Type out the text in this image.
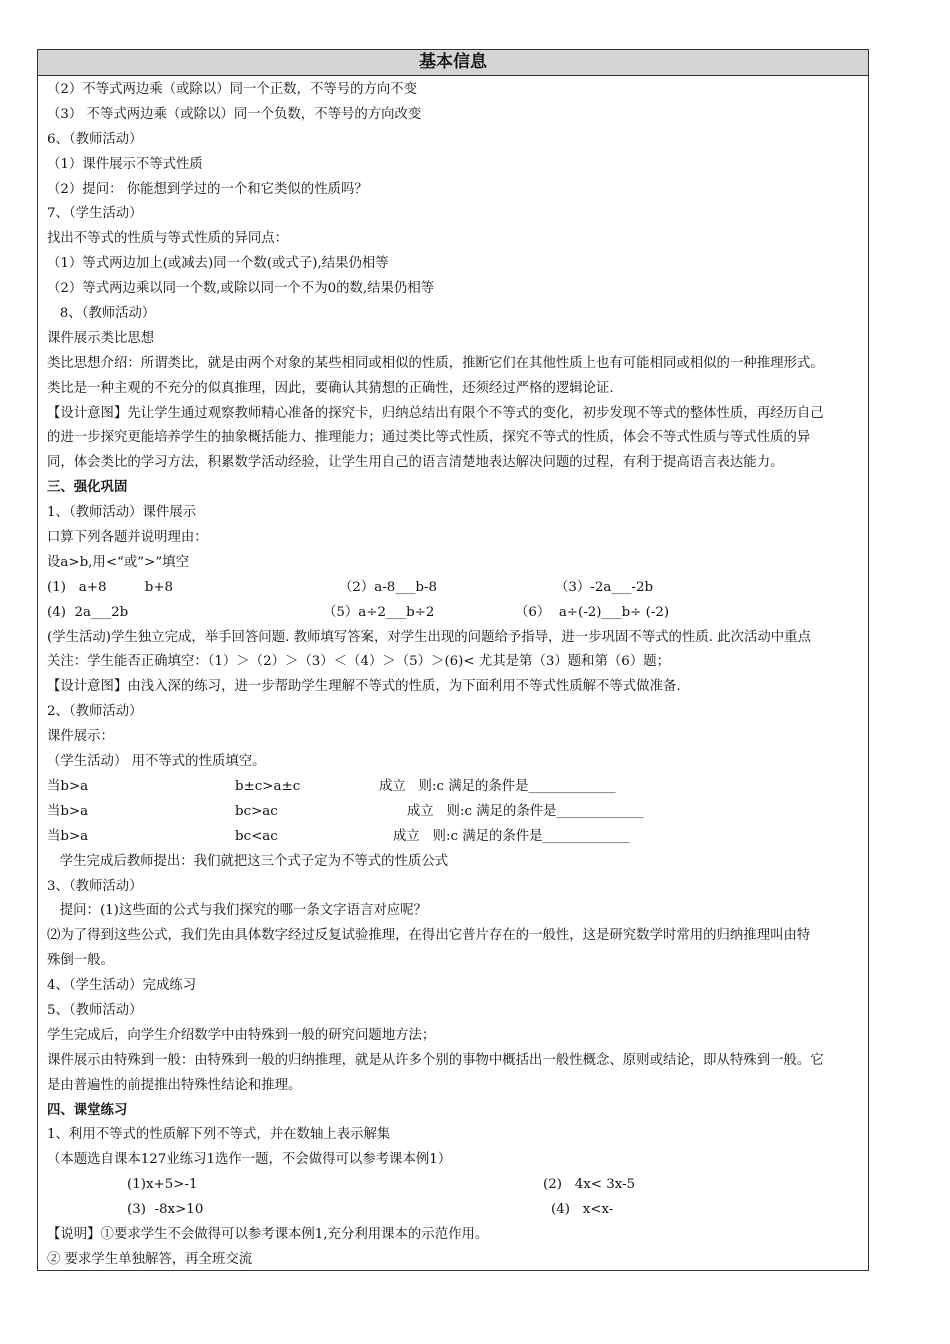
基本信息
（2）不等式两边乘（或除以）同一个正数，不等号的方向不变
（3） 不等式两边乘（或除以）同一个负数，不等号的方向改变
6、（教师活动）
（1）课件展示不等式性质
（2）提问： 你能想到学过的一个和它类似的性质吗？
7、（学生活动）
找出不等式的性质与等式性质的异同点：
（1）等式两边加上(或减去)同一个数(或式子),结果仍相等
（2）等式两边乘以同一个数,或除以同一个不为0的数,结果仍相等
8、（教师活动）
课件展示类比思想
类比思想介绍：所谓类比，就是由两个对象的某些相同或相似的性质，推断它们在其他性质上也有可能相同或相似的一种推理形式。
类比是一种主观的不充分的似真推理，因此，要确认其猜想的正确性，还须经过严格的逻辑论证.
【设计意图】先让学生通过观察教师精心准备的探究卡，归纳总结出有限个不等式的变化，初步发现不等式的整体性质，再经历自己
的进一步探究更能培养学生的抽象概括能力、推理能力；通过类比等式性质，探究不等式的性质，体会不等式性质与等式性质的异
同，体会类比的学习方法，积累数学活动经验，让学生用自己的语言清楚地表达解决问题的过程，有利于提高语言表达能力。
三、强化巩固
1、（教师活动）课件展示
口算下列各题并说明理由：
设a>b,用<“或”>”填空
(1)   a+8         b+8	（2）a-8___b-8	（3）-2a___-2b
(4)  2a___2b	（5）a÷2___b÷2	（6）  a÷(-2)___b÷ (-2)
(学生活动)学生独立完成，举手回答问题. 教师填写答案，对学生出现的问题给予指导，进一步巩固不等式的性质. 此次活动中重点
关注：学生能否正确填空：（1）＞（2）＞（3）＜（4）＞（5）＞(6)< 尤其是第（3）题和第（6）题；
【设计意图】由浅入深的练习，进一步帮助学生理解不等式的性质，为下面利用不等式性质解不等式做准备.
2、（教师活动）
课件展示：
（学生活动） 用不等式的性质填空。
当b>a	b±c>a±c	成立   则:c 满足的条件是_____________
当b>a	bc>ac	成立   则:c 满足的条件是_____________
当b>a	bc<ac	成立   则:c 满足的条件是_____________
学生完成后教师提出：我们就把这三个式子定为不等式的性质公式
3、（教师活动）
提问：(1)这些面的公式与我们探究的哪一条文字语言对应呢？
⑵为了得到这些公式，我们先由具体数字经过反复试验推理，在得出它普片存在的一般性，这是研究数学时常用的归纳推理叫由特
殊倒一般。
4、（学生活动）完成练习
5、（教师活动）
学生完成后，向学生介绍数学中由特殊到一般的研究问题地方法；
课件展示由特殊到一般：由特殊到一般的归纳推理，就是从许多个别的事物中概括出一般性概念、原则或结论，即从特殊到一般。它
是由普遍性的前提推出特殊性结论和推理。
四、课堂练习
1、利用不等式的性质解下列不等式，并在数轴上表示解集
（本题选自课本127业练习1选作一题，不会做得可以参考课本例1）
(1)x+5>-1	(2)   4x< 3x-5
(3)  -8x>10	(4)   x<x-
【说明】①要求学生不会做得可以参考课本例1,充分利用课本的示范作用。
② 要求学生单独解答，再全班交流
